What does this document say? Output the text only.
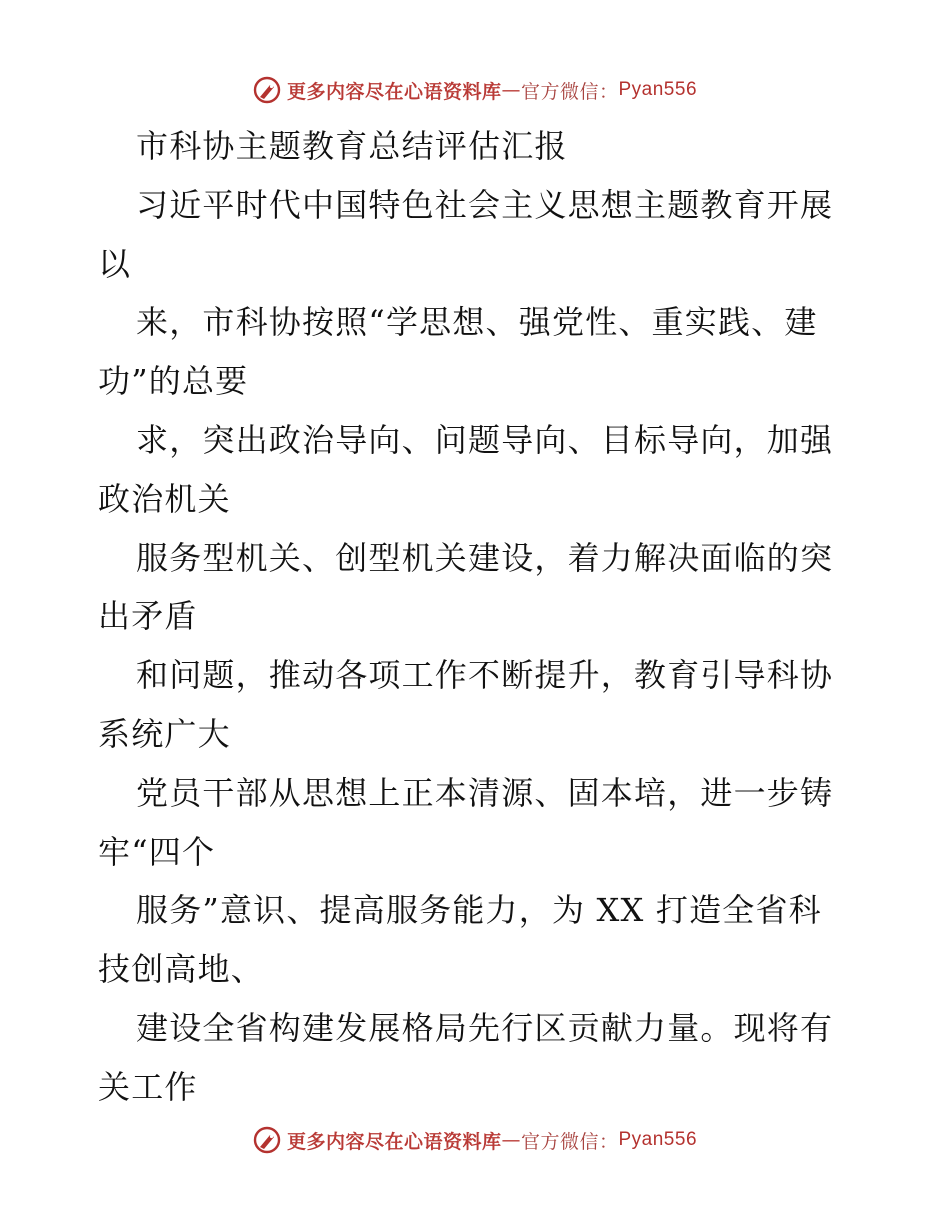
更多内容尽在心语资料库 — 官方微信： Pyan556
市科协主题教育总结评估汇报
习近平时代中国特色社会主义思想主题教育开展
以
来，市科协按照“学思想、强党性、重实践、建
功”的总要
求，突出政治导向、问题导向、目标导向，加强
政治机关
服务型机关、创型机关建设，着力解决面临的突
出矛盾
和问题，推动各项工作不断提升，教育引导科协
系统广大
党员干部从思想上正本清源、固本培，进一步铸
牢“四个
服务”意识、提高服务能力，为 XX 打造全省科
技创高地、
建设全省构建发展格局先行区贡献力量。现将有
关工作
更多内容尽在心语资料库 — 官方微信： Pyan556
